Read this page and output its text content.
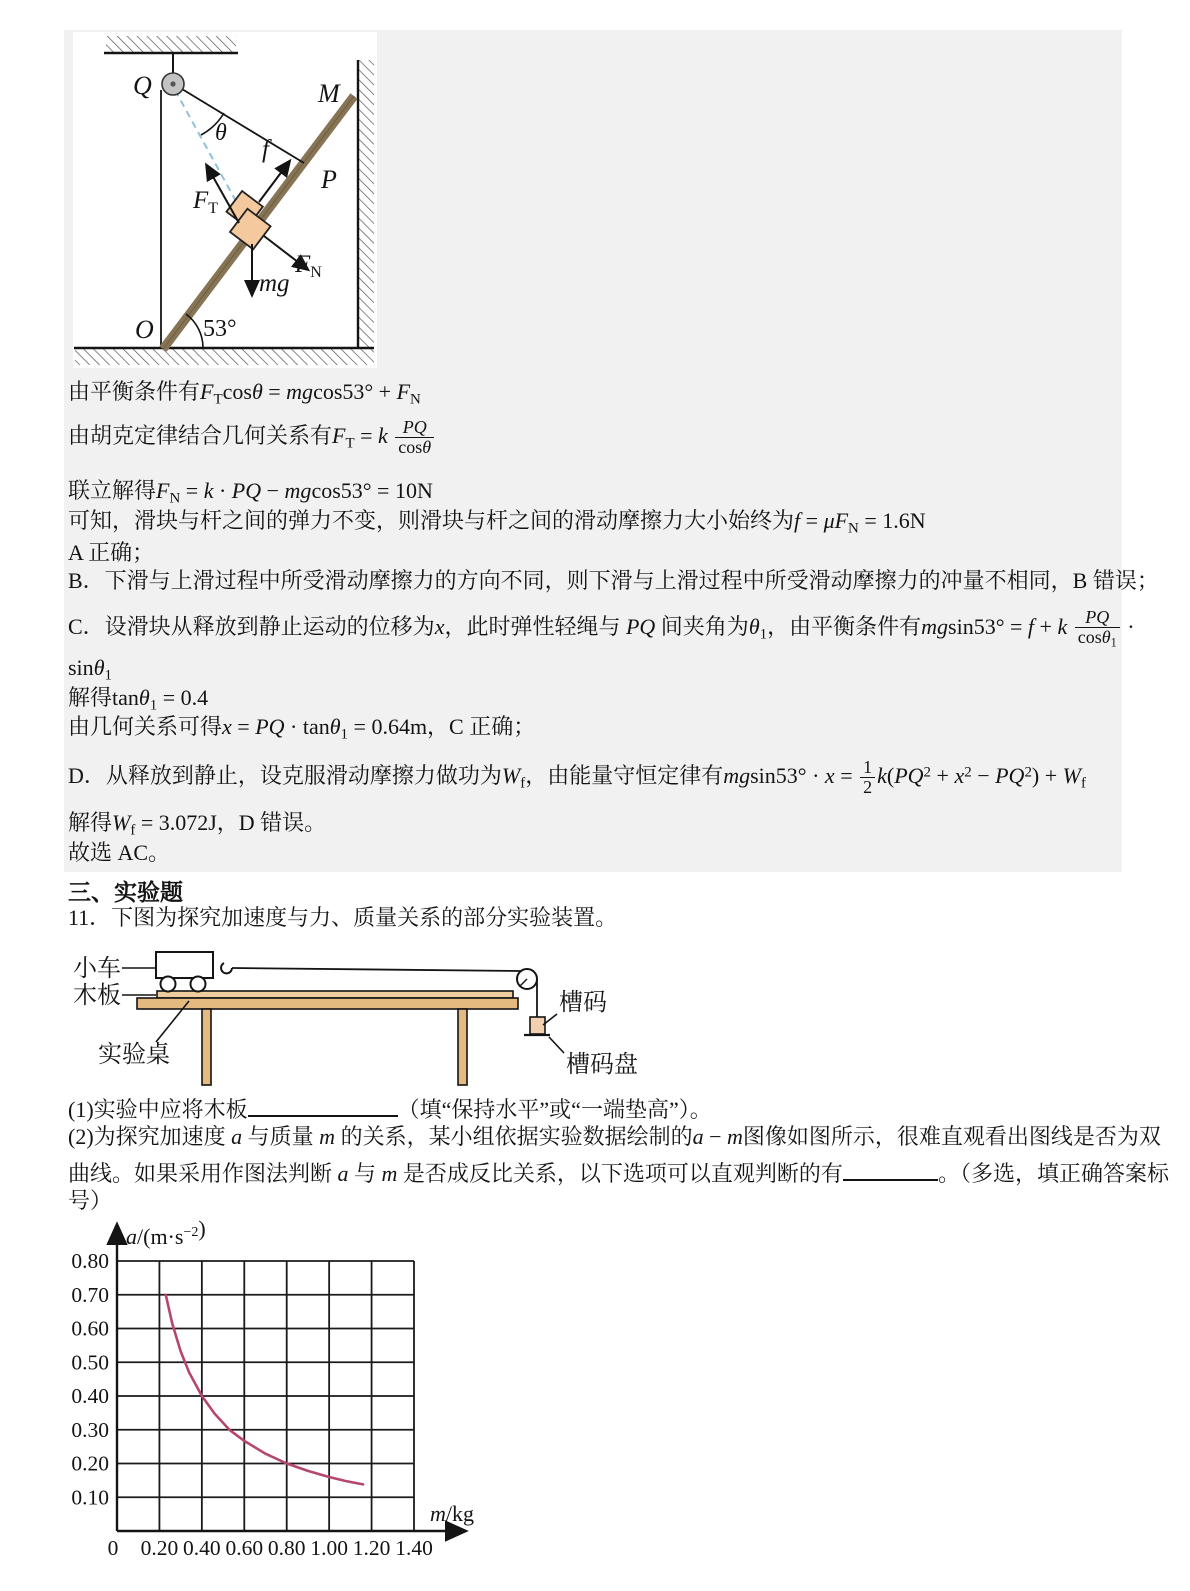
Q	M
P
O
θ
53°
f
mg
$F_T$
$F_N$
由平衡条件有$F_T\cos\theta = mgcos53^\circ + F_N$
由胡克定律结合几何关系有$F_T = k \frac{PQ}{\cos\theta}$
联立解得$F_N = k$ · PQ − mgcos53° = 10N
可知，滑块与杆之间的弹力不变，则滑块与杆之间的滑动摩擦力大小始终为$f = \mu F_N = 1.6N$
A 正确；
B．下滑与上滑过程中所受滑动摩擦力的方向不同，则下滑与上滑过程中所受滑动摩擦力的冲量不相同，B 错误；
C．设滑块从释放到静止运动的位移为x，此时弹性轻绳与 PQ 间夹角为$\theta_1$，由平衡条件有mgsin53° = f + k $\frac{PQ}{\cos\theta_1}$ ·
sinθ$_1$
解得tanθ$_1$ = 0.4
由几何关系可得x = PQ · tanθ$_1$ = 0.64m，C 正确；
D．从释放到静止，设克服滑动摩擦力做功为$W_f$，由能量守恒定律有$mgsin53^\circ \cdot x = \frac{1}{2} k(PQ^2 + x^2 - PQ^2) + W_f$
解得$W_f = 3.072J$，D 错误。
故选 AC。
三、实验题
11．下图为探究加速度与力、质量关系的部分实验装置。
小车
木板
实验桌
槽码
槽码盘
(1)实验中应将木板	（填“保持水平”或“一端垫高”）。
(2)为探究加速度 a 与质量 m 的关系，某小组依据实验数据绘制的a − m图像如图所示，很难直观看出图线是否为双
曲线。如果采用作图法判断 a 与 m 是否成反比关系，以下选项可以直观判断的有	。（多选，填正确答案标
号）
0.10
0.20
0.30
0.40
0.50
0.60
0.70
0.80
0 0.20 0.40 0.60 0.80 1.00 1.20 1.40
$a/(m\cdot s^{-2})$
m/kg
